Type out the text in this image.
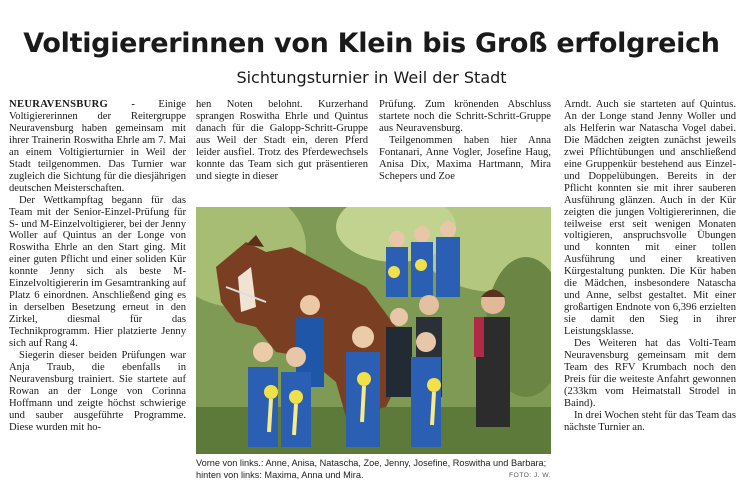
Voltigiererinnen von Klein bis Groß erfolgreich
Sichtungsturnier in Weil der Stadt

NEURAVENSBURG - Einige Voltigiererinnen der Reitergruppe Neuravensburg haben gemeinsam mit ihrer Trainerin Roswitha Ehrle am 7. Mai an einem Voltigierturnier in Weil der Stadt teilgenommen. Das Turnier war zugleich die Sichtung für die diesjährigen deutschen Meisterschaften.

Der Wettkampftag begann für das Team mit der Senior-Einzel-Prüfung für S- und M-Einzelvoltigierer, bei der Jenny Woller auf Quintus an der Longe von Roswitha Ehrle an den Start ging. Mit einer guten Pflicht und einer soliden Kür konnte Jenny sich als beste M-Einzelvoltigiererin im Gesamtranking auf Platz 6 einordnen. Anschließend ging es in derselben Besetzung erneut in den Zirkel, diesmal für das Technikprogramm. Hier platzierte Jenny sich auf Rang 4.

Siegerin dieser beiden Prüfungen war Anja Traub, die ebenfalls in Neuravensburg trainiert. Sie startete auf Rowan an der Longe von Corinna Hoffmann und zeigte höchst schwierige und sauber ausgeführte Programme. Diese wurden mit ho-

hen Noten belohnt. Kurzerhand sprangen Roswitha Ehrle und Quintus danach für die Galopp-Schritt-Gruppe aus Weil der Stadt ein, deren Pferd leider ausfiel. Trotz des Pferdewechsels konnte das Team sich gut präsentieren und siegte in dieser

Prüfung. Zum krönenden Abschluss startete noch die Schritt-Schritt-Gruppe aus Neuravensburg.

Teilgenommen haben hier Anna Fontanari, Anne Vogler, Josefine Haug, Anisa Dix, Maxima Hartmann, Mira Schepers und Zoe

Arndt. Auch sie starteten auf Quintus. An der Longe stand Jenny Woller und als Helferin war Natascha Vogel dabei. Die Mädchen zeigten zunächst jeweils zwei Pflichtübungen und anschließend eine Gruppenkür bestehend aus Einzel- und Doppelübungen. Bereits in der Pflicht konnten sie mit ihrer sauberen Ausführung glänzen. Auch in der Kür zeigten die jungen Voltigiererinnen, die teilweise erst seit wenigen Monaten voltigieren, anspruchsvolle Übungen und konnten mit einer tollen Ausführung und einer kreativen Kürgestaltung punkten. Die Kür haben die Mädchen, insbesondere Natascha und Anne, selbst gestaltet. Mit einer großartigen Endnote von 6,396 erzielten sie damit den Sieg in ihrer Leistungsklasse.

Des Weiteren hat das Volti-Team Neuravensburg gemeinsam mit dem Team des RFV Krumbach noch den Preis für die weiteste Anfahrt gewonnen (233km vom Heimatstall Strodel in Baind).

In drei Wochen steht für das Team das nächste Turnier an.

Vorne von links.: Anne, Anisa, Natascha, Zoe, Jenny, Josefine, Roswitha und Barbara; hinten von links: Maxima, Anna und Mira.	FOTO: J. W.
